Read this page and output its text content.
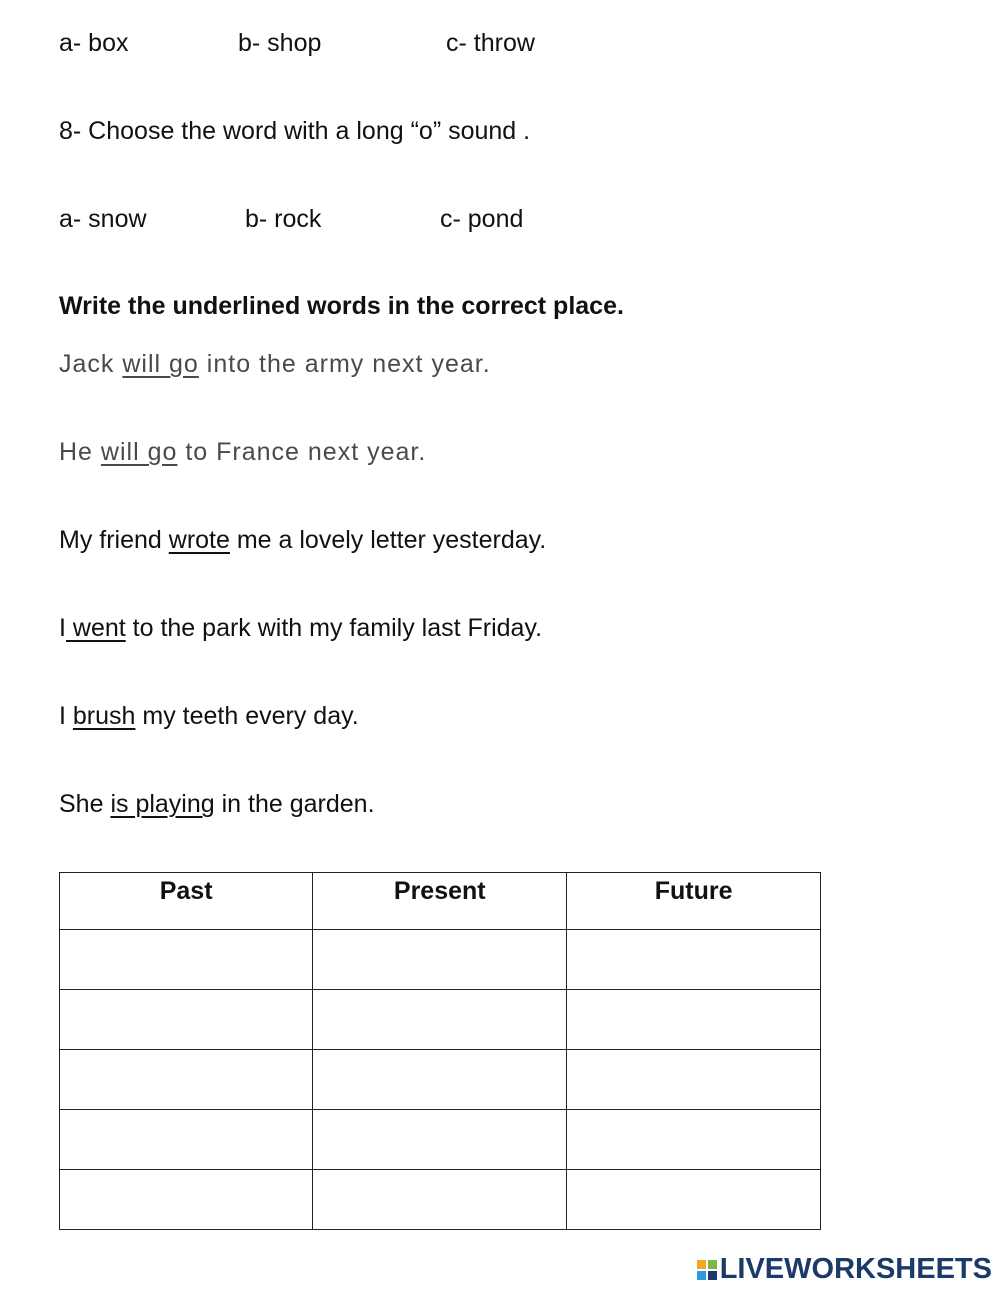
a- box	b- shop	c- throw
8- Choose the word with a long “o” sound .
a- snow	b- rock	c- pond
Write the underlined words in the correct place.
Jack will go into the army next year.
He will go to France next year.
My friend wrote me a lovely letter yesterday.
I went to the park with my family last Friday.
I brush my teeth every day.
She is playing in the garden.
Past	Present	Future

LIVEWORKSHEETS
